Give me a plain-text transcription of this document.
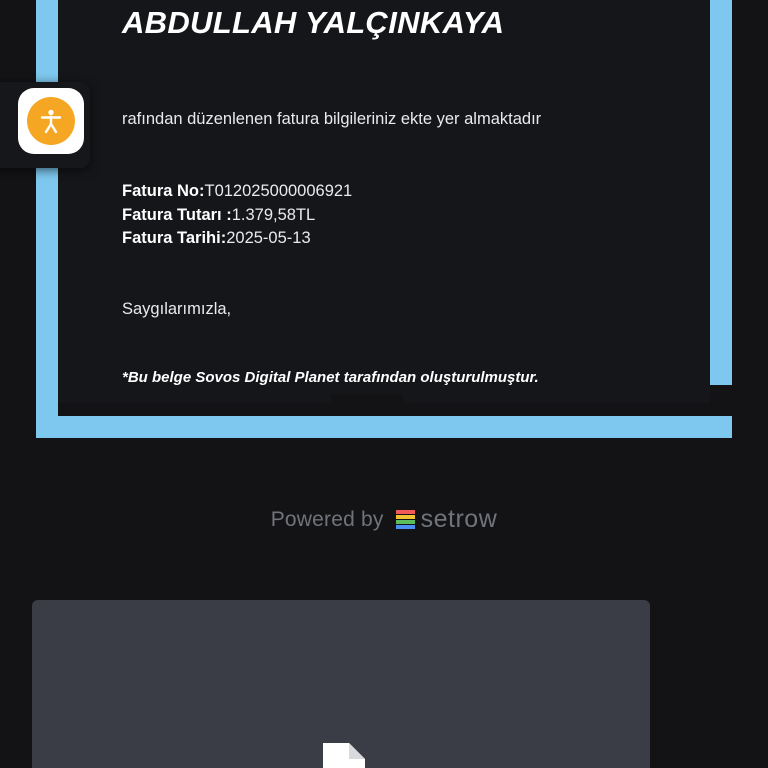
ABDULLAH YALÇINKAYA
rafından düzenlenen fatura bilgileriniz ekte yer almaktadır
Fatura No:T012025000006921
Fatura Tutarı :1.379,58TL
Fatura Tarihi:2025-05-13
Saygılarımızla,
*Bu belge Sovos Digital Planet tarafından oluşturulmuştur.
Powered by setrow
